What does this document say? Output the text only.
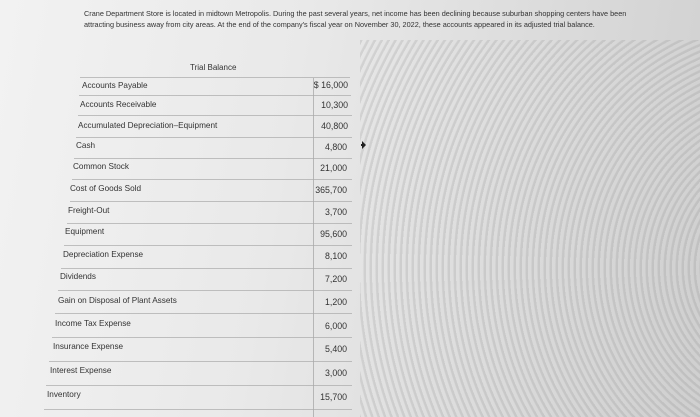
Crane Department Store is located in midtown Metropolis. During the past several years, net income has been declining because suburban shopping centers have been attracting business away from city areas. At the end of the company's fiscal year on November 30, 2022, these accounts appeared in its adjusted trial balance.
Trial Balance
Accounts Payable	$ 16,000
Accounts Receivable	10,300
Accumulated Depreciation–Equipment	40,800
Cash	4,800
Common Stock	21,000
Cost of Goods Sold	365,700
Freight-Out	3,700
Equipment	95,600
Depreciation Expense	8,100
Dividends	7,200
Gain on Disposal of Plant Assets	1,200
Income Tax Expense	6,000
Insurance Expense	5,400
Interest Expense	3,000
Inventory	15,700
